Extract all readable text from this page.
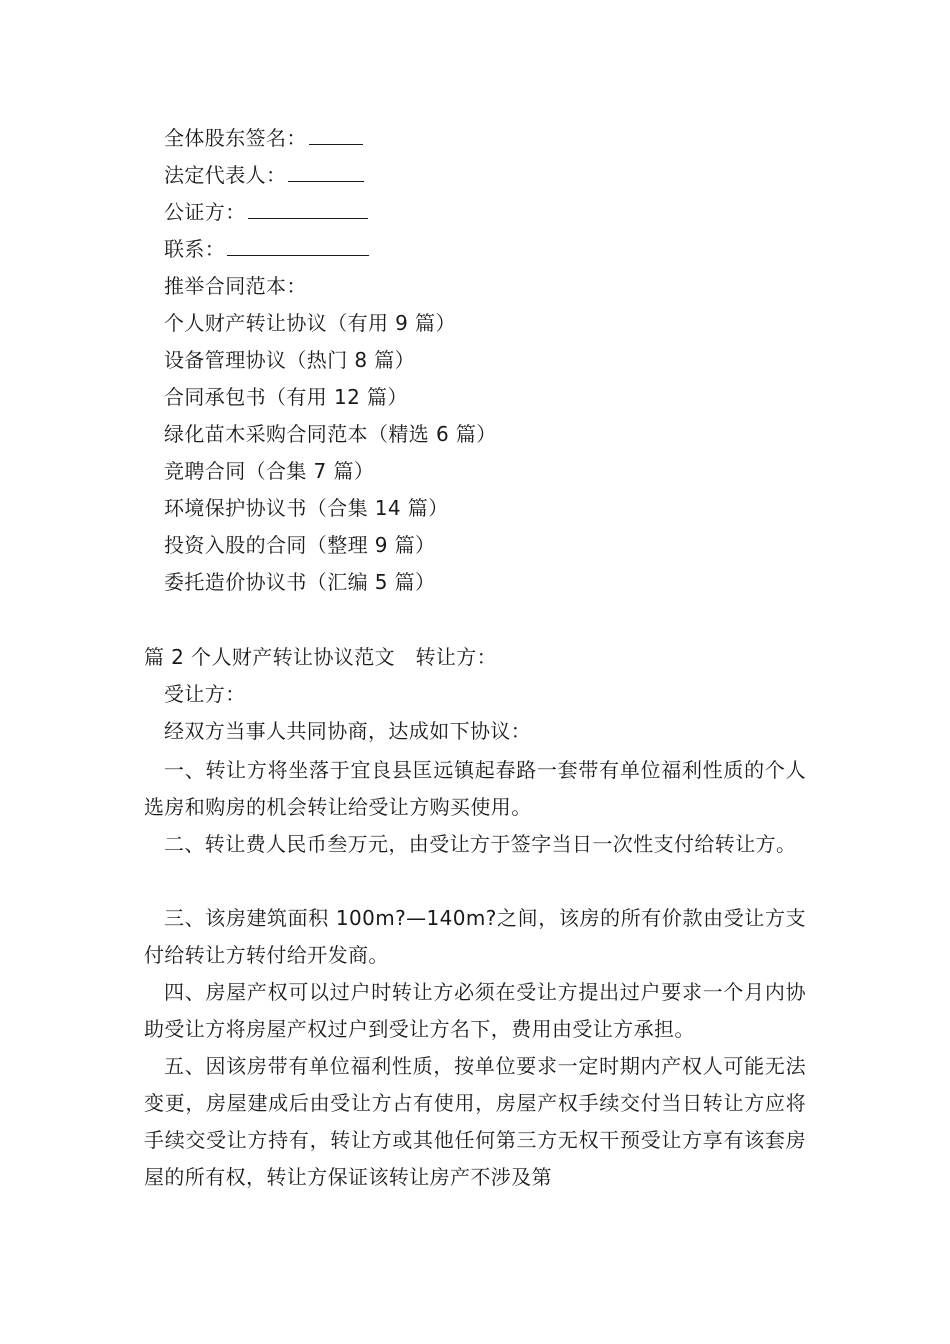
全体股东签名：
法定代表人：
公证方：
联系：
推举合同范本：
个人财产转让协议（有用 9 篇）
设备管理协议（热门 8 篇）
合同承包书（有用 12 篇）
绿化苗木采购合同范本（精选 6 篇）
竞聘合同（合集 7 篇）
环境保护协议书（合集 14 篇）
投资入股的合同（整理 9 篇）
委托造价协议书（汇编 5 篇）
篇 2 个人财产转让协议范文　转让方：
受让方：
经双方当事人共同协商，达成如下协议：
一、转让方将坐落于宜良县匡远镇起春路一套带有单位福利性质的个人选房和购房的机会转让给受让方购买使用。
二、转让费人民币叁万元，由受让方于签字当日一次性支付给转让方。
三、该房建筑面积 100m?—140m?之间，该房的所有价款由受让方支付给转让方转付给开发商。
四、房屋产权可以过户时转让方必须在受让方提出过户要求一个月内协助受让方将房屋产权过户到受让方名下，费用由受让方承担。
五、因该房带有单位福利性质，按单位要求一定时期内产权人可能无法变更，房屋建成后由受让方占有使用，房屋产权手续交付当日转让方应将手续交受让方持有，转让方或其他任何第三方无权干预受让方享有该套房屋的所有权，转让方保证该转让房产不涉及第
